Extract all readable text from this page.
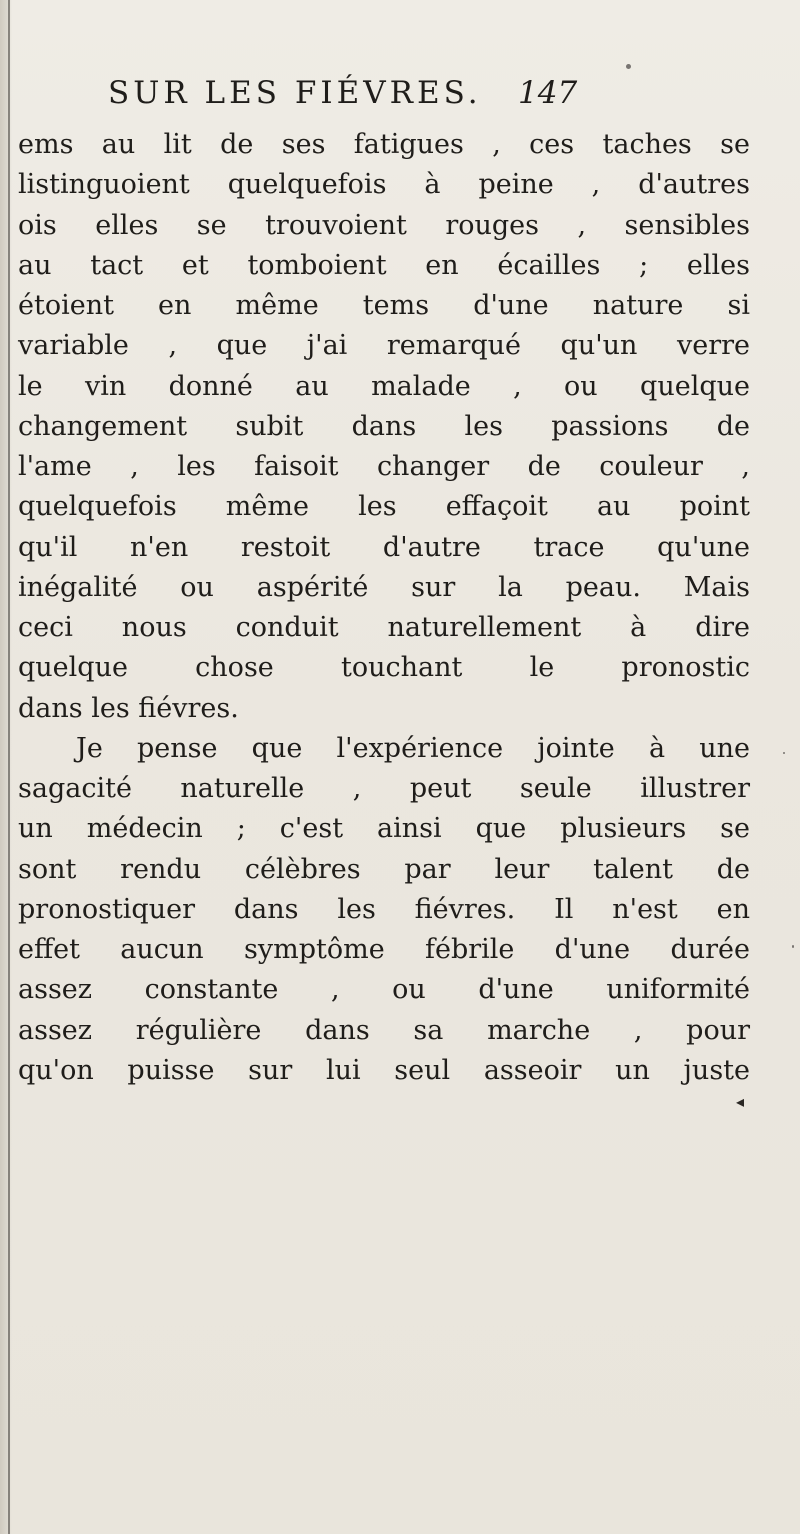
SUR LES FIÉVRES. 147
ems au lit de ses fatigues , ces taches se
listinguoient quelquefois à peine , d'autres
ois elles se trouvoient rouges , sensibles
au tact et tomboient en écailles ; elles
étoient en même tems d'une nature si
variable , que j'ai remarqué qu'un verre
le vin donné au malade , ou quelque
changement subit dans les passions de
l'ame , les faisoit changer de couleur ,
quelquefois même les effaçoit au point
qu'il n'en restoit d'autre trace qu'une
inégalité ou aspérité sur la peau. Mais
ceci nous conduit naturellement à dire
quelque chose touchant le pronostic
dans les fiévres.
Je pense que l'expérience jointe à une
sagacité naturelle , peut seule illustrer
un médecin ; c'est ainsi que plusieurs se
sont rendu célèbres par leur talent de
pronostiquer dans les fiévres. Il n'est en
effet aucun symptôme fébrile d'une durée
assez constante , ou d'une uniformité
assez régulière dans sa marche , pour
qu'on puisse sur lui seul asseoir un juste
◂
